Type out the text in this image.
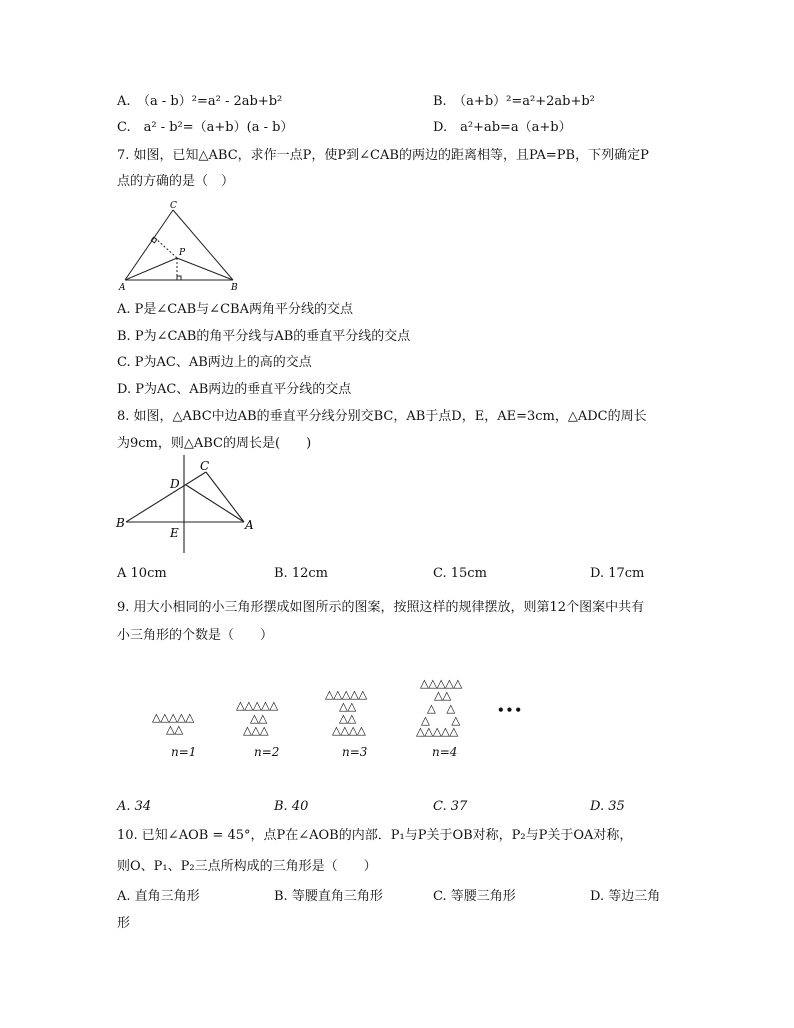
A.　（a - b）²=a² - 2ab+b²	B.　（a+b）²=a²+2ab+b²
C.　a² - b²=（a+b）(a - b）	D.　a²+ab=a（a+b）
7. 如图，已知△ABC，求作一点P，使P到∠CAB的两边的距离相等，且PA=PB，下列确定P
点的方确的是（　）
C
P
A	B
A. P是∠CAB与∠CBA两角平分线的交点
B. P为∠CAB的角平分线与AB的垂直平分线的交点
C. P为AC、AB两边上的高的交点
D. P为AC、AB两边的垂直平分线的交点
8. 如图，△ABC中边AB的垂直平分线分别交BC，AB于点D，E，AE=3cm，△ADC的周长
为9cm，则△ABC的周长是(　　)
C
D
B
E
A
A 10cm	B. 12cm	C. 15cm	D. 17cm
9. 用大小相同的小三角形摆成如图所示的图案，按照这样的规律摆放，则第12个图案中共有
小三角形的个数是（　　）
△△△△△
△△
n=1
△△△△△
△△
△△△
n=2
△△△△△
△△
△△
△△△△
n=3
△△△△△
△△
△　△
△　　△
△△△△△
n=4
•••
A. 34	B. 40	C. 37	D. 35
10. 已知∠AOB = 45°，点P在∠AOB的内部．P₁与P关于OB对称，P₂与P关于OA对称，
则O、P₁、P₂三点所构成的三角形是（　　）
A. 直角三角形	B. 等腰直角三角形	C. 等腰三角形	D. 等边三角
形
